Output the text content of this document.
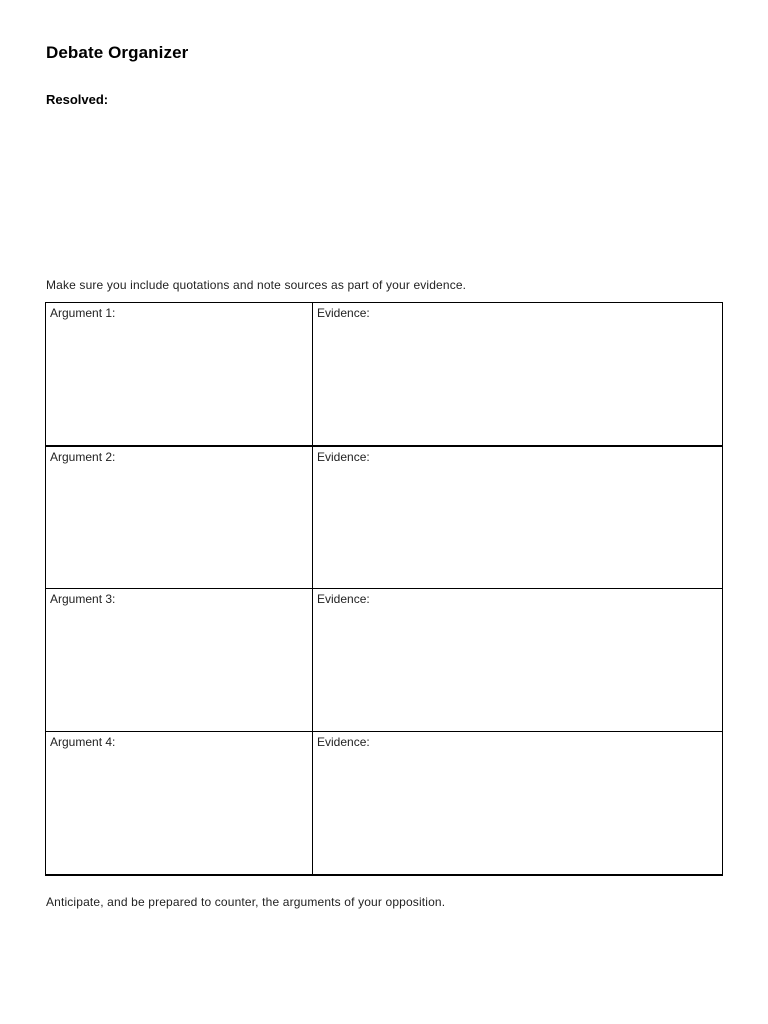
Debate Organizer
Resolved:
Make sure you include quotations and note sources as part of your evidence.
Argument 1:	Evidence:
Argument 2:	Evidence:
Argument 3:	Evidence:
Argument 4:	Evidence:
Anticipate, and be prepared to counter, the arguments of your opposition.
